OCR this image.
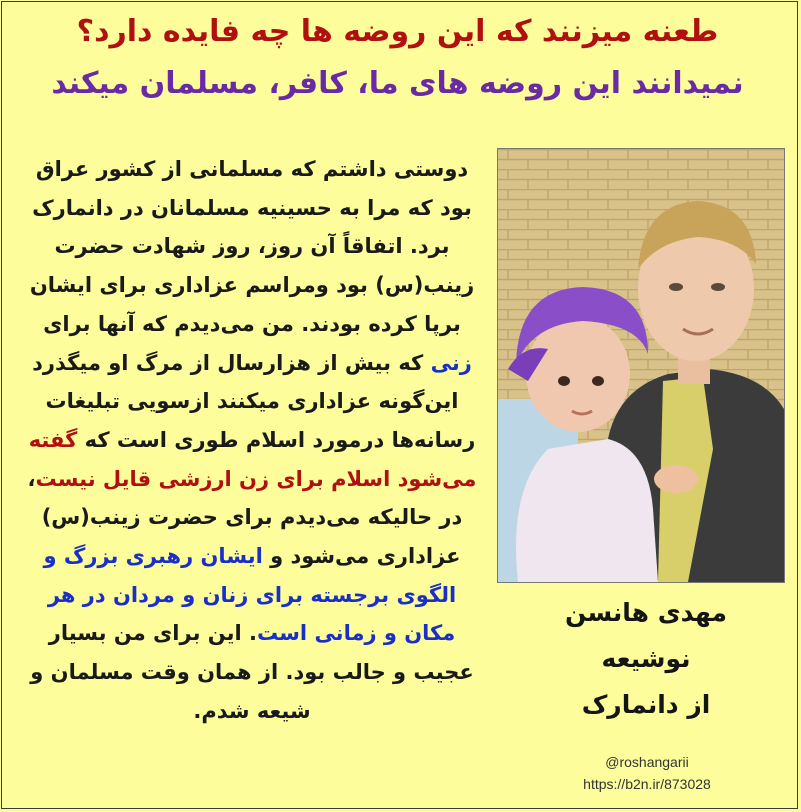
طعنه میزنند که این روضه ها چه فایده دارد؟
نمیدانند این روضه های ما، کافر، مسلمان میکند

دوستی داشتم که مسلمانی از کشور عراق بود که مرا به حسینیه مسلمانان در دانمارک برد. اتفاقاً آن روز، روز شهادت حضرت زینب(س) بود ومراسم عزاداری برای ایشان برپا کرده بودند. من می‌دیدم که آنها برای زنی که بیش از هزارسال از مرگ او میگذرد این‌گونه عزاداری میکنند ازسویی تبلیغات رسانه‌ها درمورد اسلام طوری است که گفته می‌شود اسلام برای زن ارزشی قایل نیست، در حالیکه می‌دیدم برای حضرت زینب(س) عزاداری می‌شود و ایشان رهبری بزرگ و الگوی برجسته برای زنان و مردان در هر مکان و زمانی است. این برای من بسیار عجیب و جالب بود. از همان وقت مسلمان و شیعه شدم.

مهدی هانسن
نوشیعه
از دانمارک
@roshangarii
https://b2n.ir/873028
